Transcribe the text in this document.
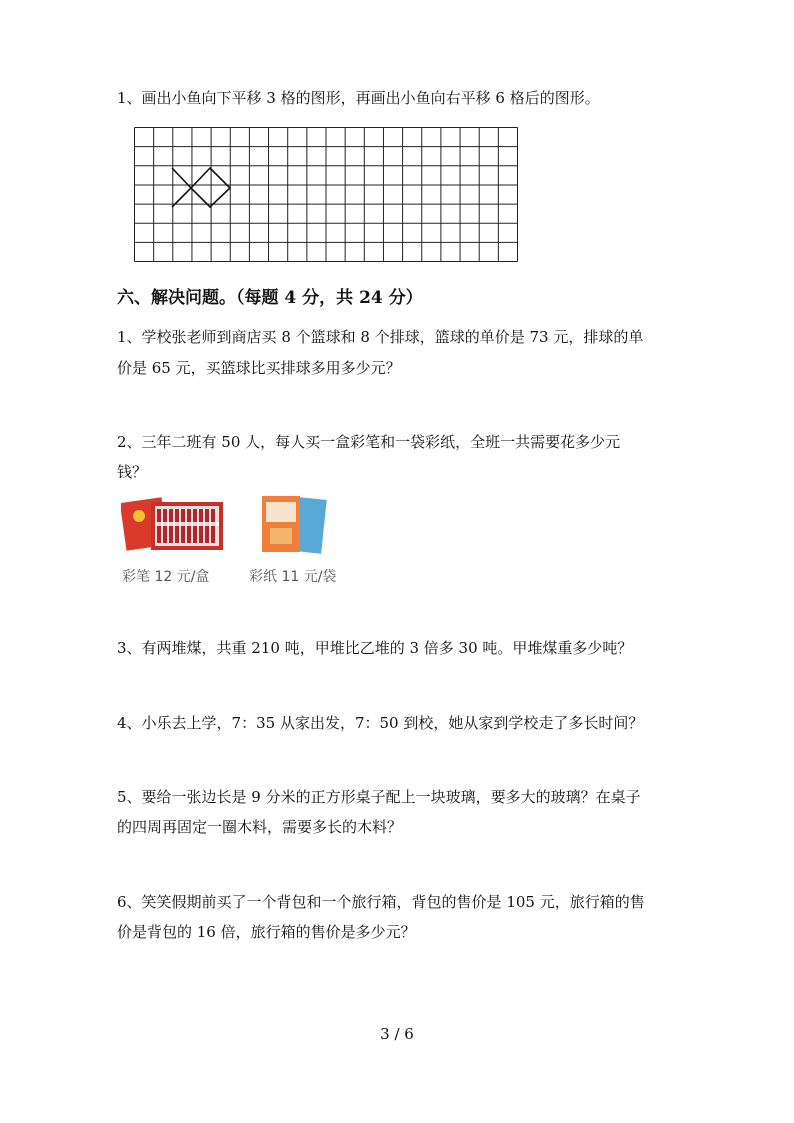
1、画出小鱼向下平移 3 格的图形，再画出小鱼向右平移 6 格后的图形。
六、解决问题。（每题 4 分，共 24 分）
1、学校张老师到商店买 8 个篮球和 8 个排球，篮球的单价是 73 元，排球的单
价是 65 元，买篮球比买排球多用多少元？
2、三年二班有 50 人，每人买一盒彩笔和一袋彩纸，全班一共需要花多少元
钱？
彩笔 12 元/盒	彩纸 11 元/袋
3、有两堆煤，共重 210 吨，甲堆比乙堆的 3 倍多 30 吨。甲堆煤重多少吨？
4、小乐去上学，7：35 从家出发，7：50 到校，她从家到学校走了多长时间？
5、要给一张边长是 9 分米的正方形桌子配上一块玻璃，要多大的玻璃？在桌子
的四周再固定一圈木料，需要多长的木料？
6、笑笑假期前买了一个背包和一个旅行箱，背包的售价是 105 元，旅行箱的售
价是背包的 16 倍，旅行箱的售价是多少元？
3 / 6
